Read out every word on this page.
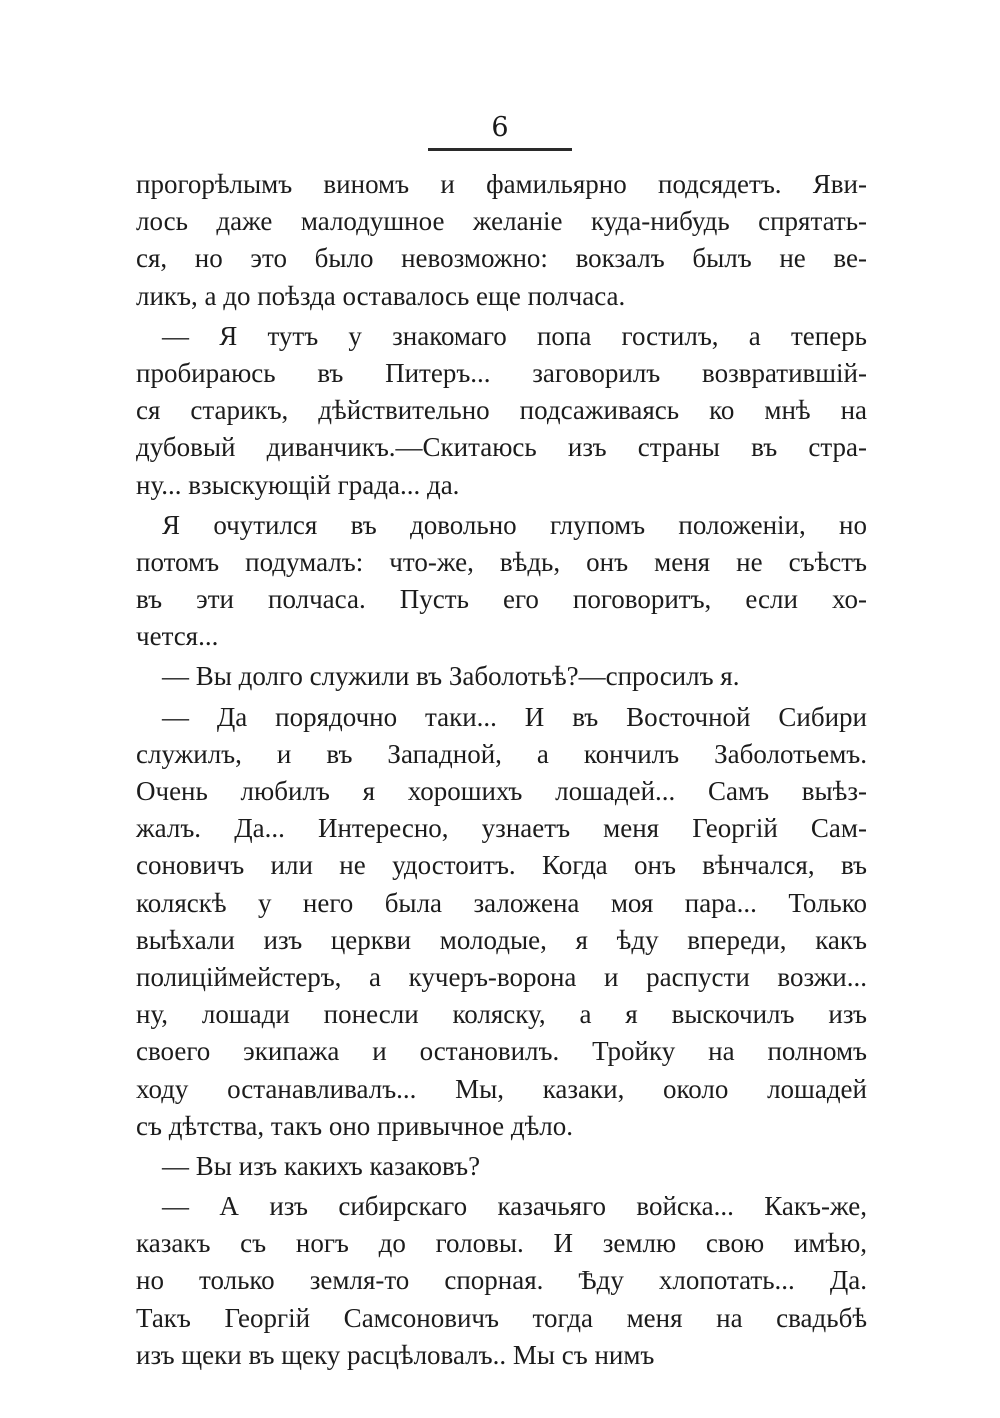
6
прогорѣлымъ виномъ и фамильярно подсядетъ. Яви-
лось даже малодушное желаніе куда-нибудь спрятать-
ся, но это было невозможно: вокзалъ былъ не ве-
ликъ, а до поѣзда оставалось еще полчаса.
— Я тутъ у знакомаго попа гостилъ, а теперь
пробираюсь въ Питеръ... заговорилъ возвратившій-
ся старикъ, дѣйствительно подсаживаясь ко мнѣ на
дубовый диванчикъ.—Скитаюсь изъ страны въ стра-
ну... взыскующій града... да.
Я очутился въ довольно глупомъ положеніи, но
потомъ подумалъ: что-же, вѣдь, онъ меня не съѣстъ
въ эти полчаса. Пусть его поговоритъ, если хо-
чется...
— Вы долго служили въ Заболотьѣ?—спросилъ я.
— Да порядочно таки... И въ Восточной Сибири
служилъ, и въ Западной, а кончилъ Заболотьемъ.
Очень любилъ я хорошихъ лошадей... Самъ выѣз-
жалъ. Да... Интересно, узнаетъ меня Георгій Сам-
соновичъ или не удостоитъ. Когда онъ вѣнчался, въ
коляскѣ у него была заложена моя пара... Только
выѣхали изъ церкви молодые, я ѣду впереди, какъ
полиціймейстеръ, а кучеръ-ворона и распусти возжи...
ну, лошади понесли коляску, а я выскочилъ изъ
своего экипажа и остановилъ. Тройку на полномъ
ходу останавливалъ... Мы, казаки, около лошадей
съ дѣтства, такъ оно привычное дѣло.
— Вы изъ какихъ казаковъ?
— А изъ сибирскаго казачьяго войска... Какъ-же,
казакъ съ ногъ до головы. И землю свою имѣю,
но только земля-то спорная. Ѣду хлопотать... Да.
Такъ Георгій Самсоновичъ тогда меня на свадьбѣ
изъ щеки въ щеку расцѣловалъ.. Мы съ нимъ
